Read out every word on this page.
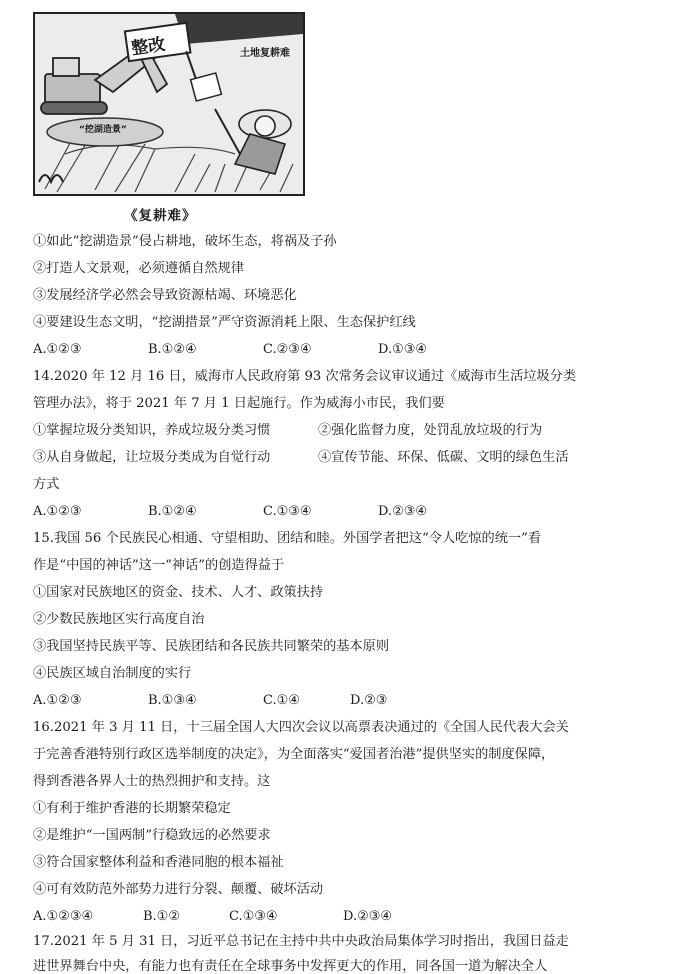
整改	土地复耕难
“挖湖造景”
《复耕难》
①如此“挖湖造景”侵占耕地，破坏生态，将祸及子孙
②打造人文景观，必须遵循自然规律
③发展经济学必然会导致资源枯竭、环境恶化
④要建设生态文明，“挖湖措景”严守资源消耗上限、生态保护红线
A.①②③	B.①②④	C.②③④	D.①③④
14.2020 年 12 月 16 日，威海市人民政府第 93 次常务会议审议通过《威海市生活垃圾分类
管理办法》，将于 2021 年 7 月 1 日起施行。作为威海小市民，我们要
①掌握垃圾分类知识，养成垃圾分类习惯	②强化监督力度，处罚乱放垃圾的行为
③从自身做起，让垃圾分类成为自觉行动	④宣传节能、环保、低碳、文明的绿色生活
方式
A.①②③	B.①②④	C.①③④	D.②③④
15.我国 56 个民族民心相通、守望相助、团结和睦。外国学者把这“令人吃惊的统一”看
作是“中国的神话”这一“神话”的创造得益于
①国家对民族地区的资金、技术、人才、政策扶持
②少数民族地区实行高度自治
③我国坚持民族平等、民族团结和各民族共同繁荣的基本原则
④民族区域自治制度的实行
A.①②③	B.①③④	C.①④	D.②③
16.2021 年 3 月 11 日，十三届全国人大四次会议以高票表决通过的《全国人民代表大会关
于完善香港特别行政区选举制度的决定》，为全面落实“爱国者治港”提供坚实的制度保障，
得到香港各界人士的热烈拥护和支持。这
①有利于维护香港的长期繁荣稳定
②是维护“一国两制”行稳致远的必然要求
③符合国家整体利益和香港同胞的根本福祉
④可有效防范外部势力进行分裂、颠覆、破坏活动
A.①②③④	B.①②	C.①③④	D.②③④
17.2021 年 5 月 31 日，习近平总书记在主持中共中央政治局集体学习时指出，我国日益走
进世界舞台中央，有能力也有责任在全球事务中发挥更大的作用，同各国一道为解决全人
